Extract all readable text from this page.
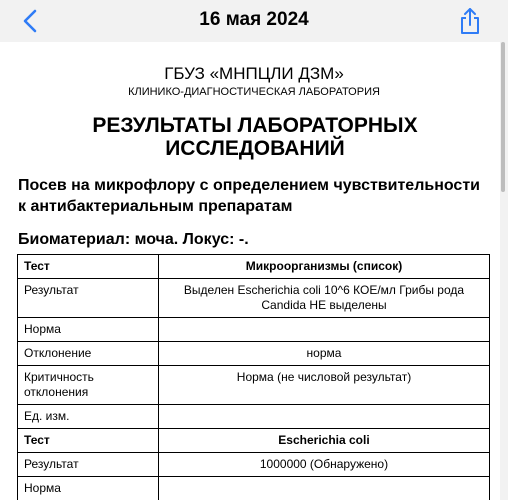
16 мая 2024
ГБУЗ «МНПЦЛИ ДЗМ»
КЛИНИКО-ДИАГНОСТИЧЕСКАЯ ЛАБОРАТОРИЯ
РЕЗУЛЬТАТЫ ЛАБОРАТОРНЫХ ИССЛЕДОВАНИЙ
Посев на микрофлору с определением чувствительности к антибактериальным препаратам
Биоматериал: моча. Локус: -.
Тест	Микроорганизмы (список)
Результат	Выделен Escherichia coli 10^6 КОЕ/мл Грибы рода Candida НЕ выделены
Норма	
Отклонение	норма
Критичность отклонения	Норма (не числовой результат)
Ед. изм.	
Тест	Escherichia coli
Результат	1000000 (Обнаружено)
Норма	
